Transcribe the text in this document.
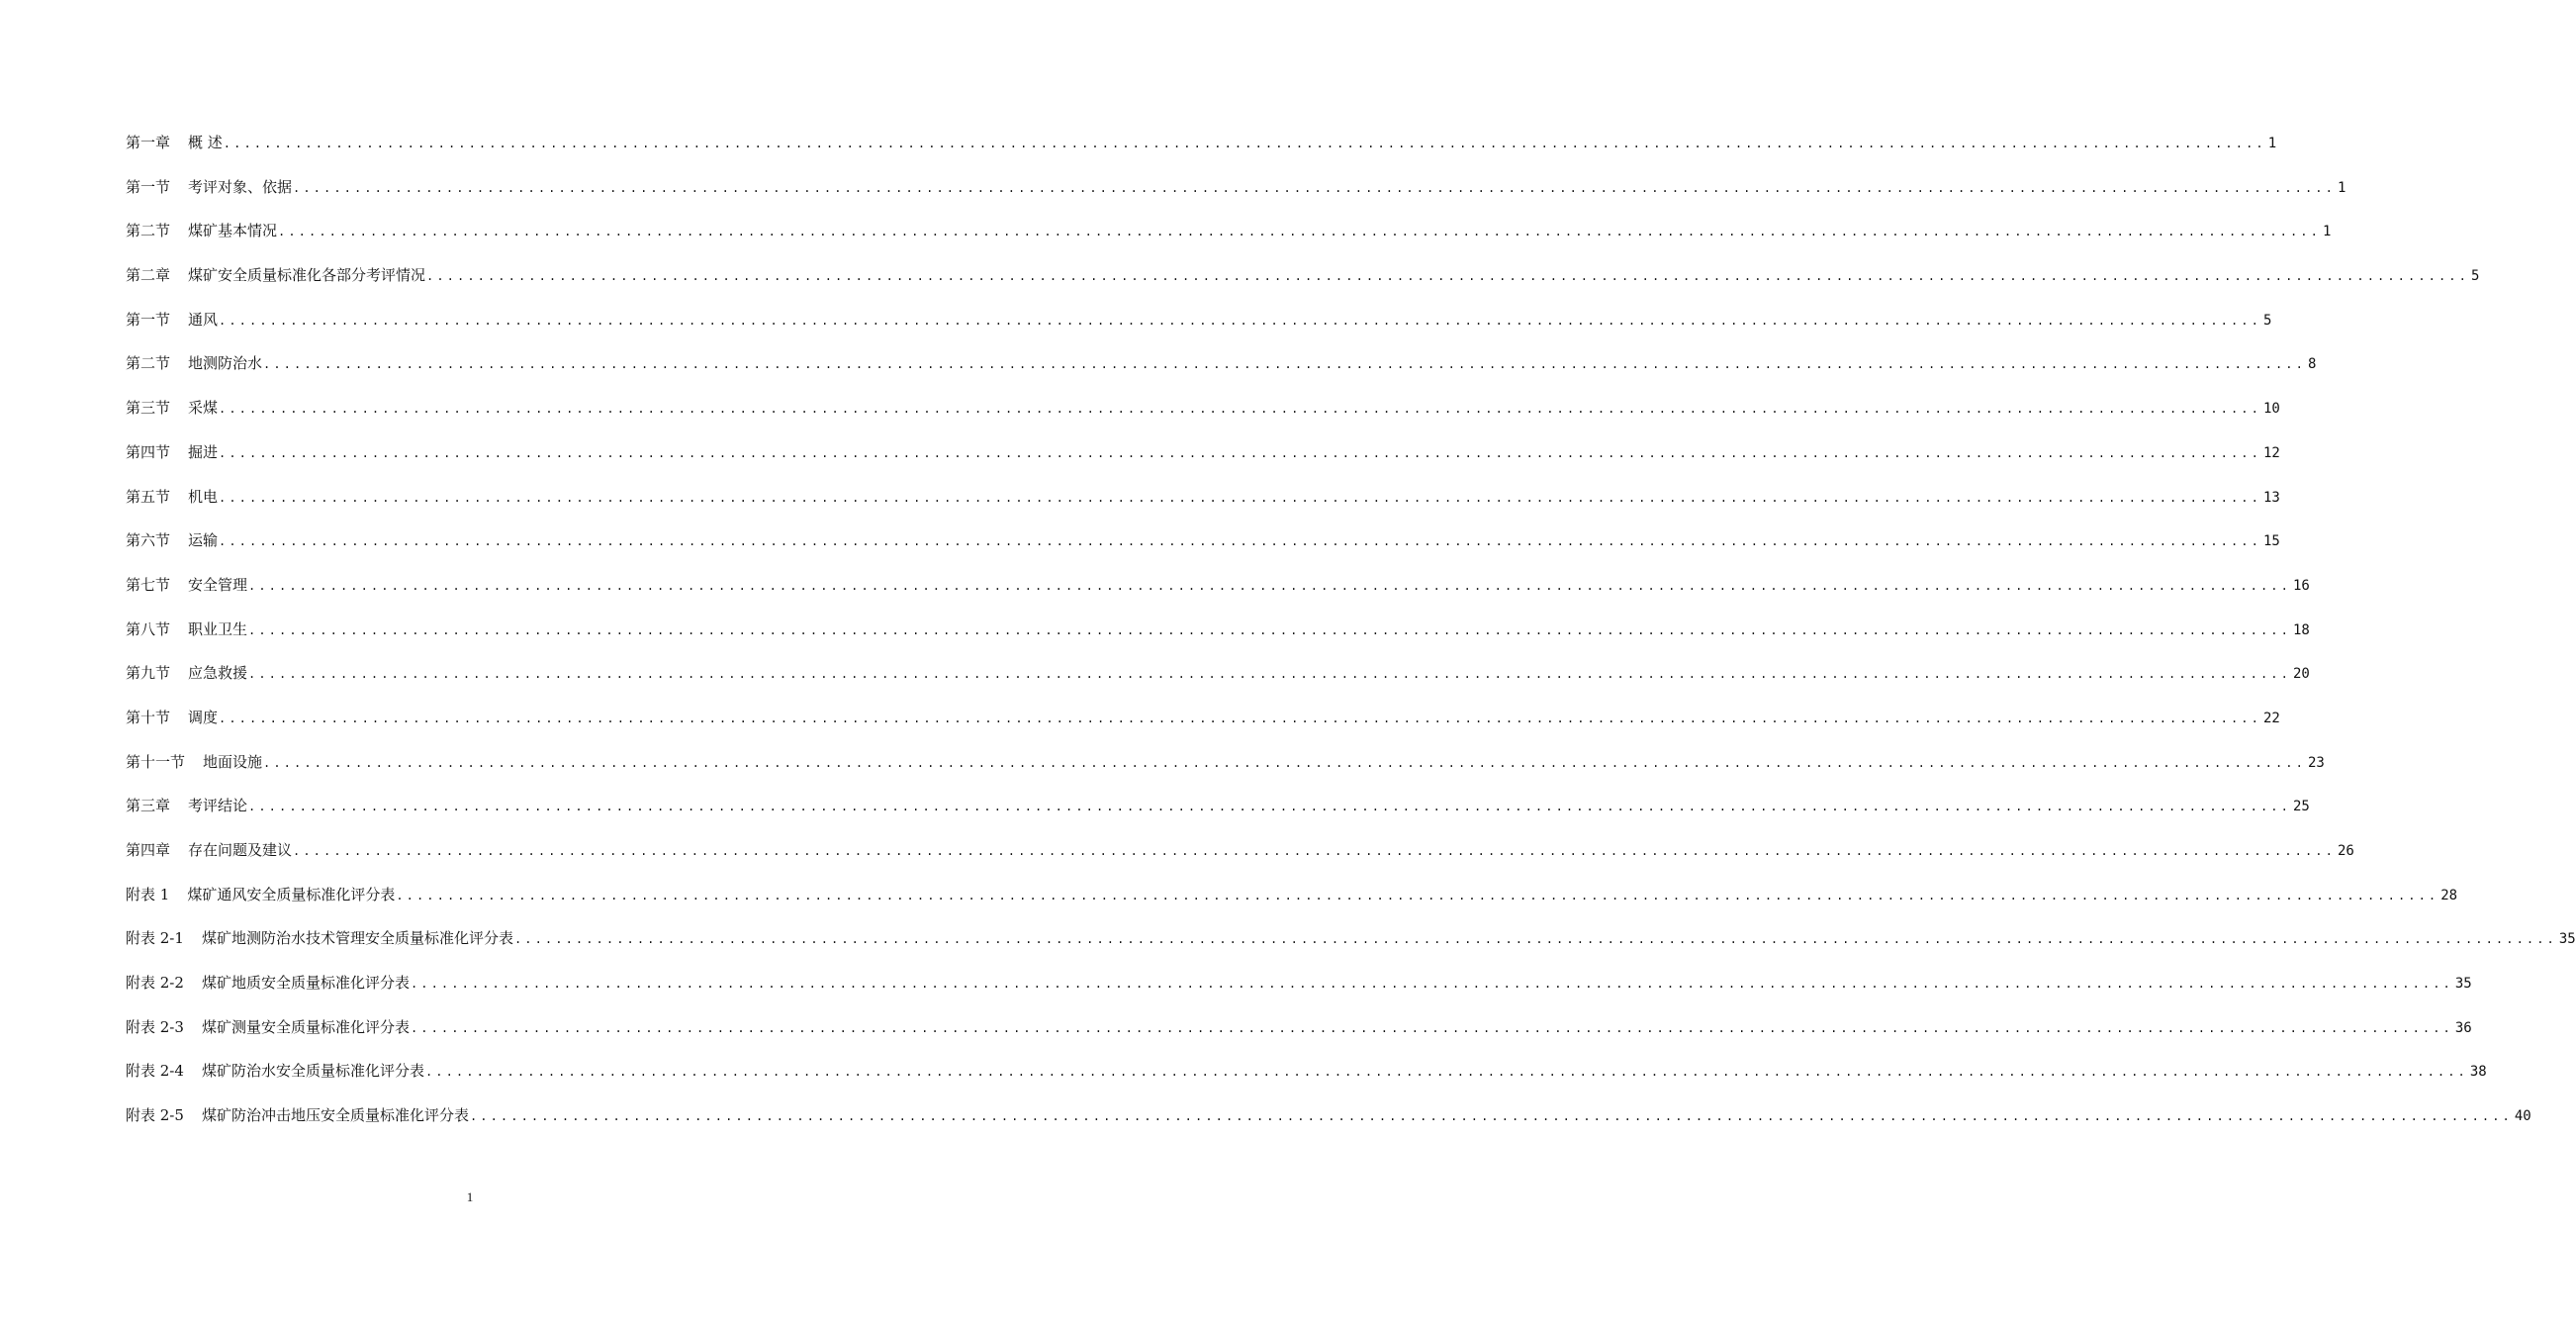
第一章 概 述 ........................................................................................................................................................................................................ 1
第一节 考评对象、依据 ........................................................................................................................................................................................................ 1
第二节 煤矿基本情况 ........................................................................................................................................................................................................ 1
第二章 煤矿安全质量标准化各部分考评情况 ........................................................................................................................................................................................................ 5
第一节 通风 ........................................................................................................................................................................................................ 5
第二节 地测防治水 ........................................................................................................................................................................................................ 8
第三节 采煤 ........................................................................................................................................................................................................ 10
第四节 掘进 ........................................................................................................................................................................................................ 12
第五节 机电 ........................................................................................................................................................................................................ 13
第六节 运输 ........................................................................................................................................................................................................ 15
第七节 安全管理 ........................................................................................................................................................................................................ 16
第八节 职业卫生 ........................................................................................................................................................................................................ 18
第九节 应急救援 ........................................................................................................................................................................................................ 20
第十节 调度 ........................................................................................................................................................................................................ 22
第十一节 地面设施 ........................................................................................................................................................................................................ 23
第三章 考评结论 ........................................................................................................................................................................................................ 25
第四章 存在问题及建议 ........................................................................................................................................................................................................ 26
附表 1 煤矿通风安全质量标准化评分表 ........................................................................................................................................................................................................ 28
附表 2-1 煤矿地测防治水技术管理安全质量标准化评分表 ........................................................................................................................................................................................................ 35
附表 2-2 煤矿地质安全质量标准化评分表 ........................................................................................................................................................................................................ 35
附表 2-3 煤矿测量安全质量标准化评分表 ........................................................................................................................................................................................................ 36
附表 2-4 煤矿防治水安全质量标准化评分表 ........................................................................................................................................................................................................ 38
附表 2-5 煤矿防治冲击地压安全质量标准化评分表 ........................................................................................................................................................................................................ 40
1
